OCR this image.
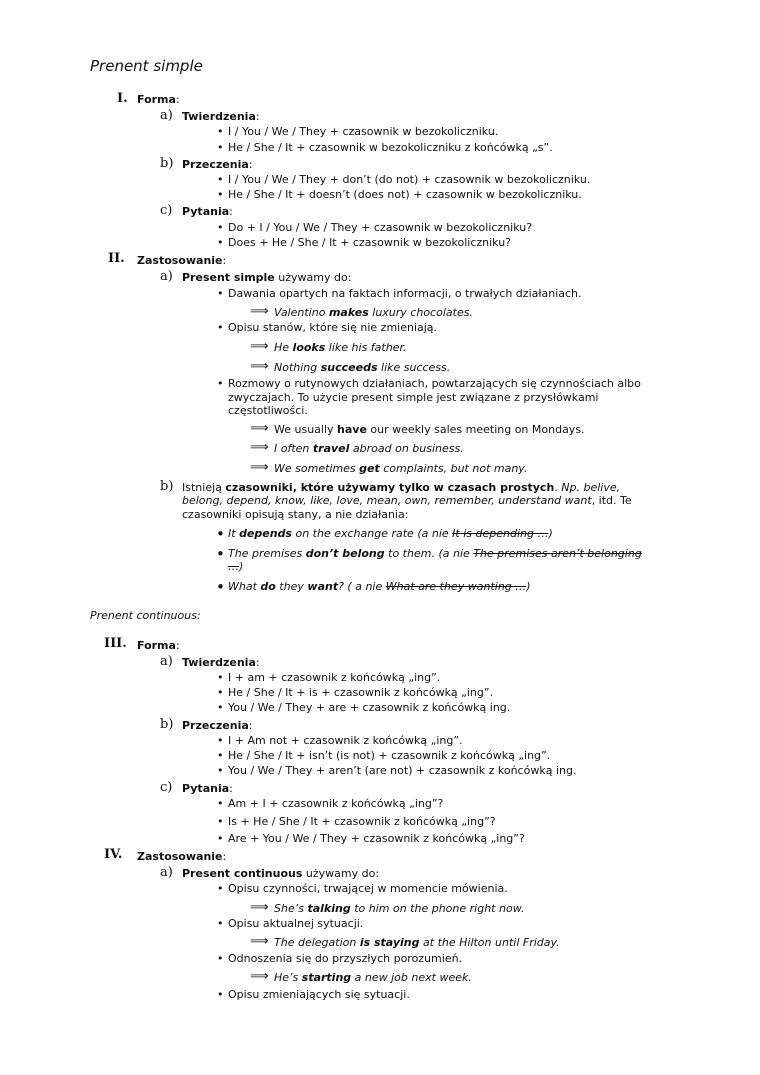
Prenent simple
I. Forma:
a) Twierdzenia:
• I / You / We / They + czasownik w bezokoliczniku.
• He / She / It + czasownik w bezokoliczniku z końcówką „s”.
b) Przeczenia:
• I / You / We / They + don’t (do not) + czasownik w bezokoliczniku.
• He / She / It + doesn’t (does not) + czasownik w bezokoliczniku.
c) Pytania:
• Do + I / You / We / They + czasownik w bezokoliczniku?
• Does + He / She / It + czasownik w bezokoliczniku?
II. Zastosowanie:
a) Present simple używamy do:
• Dawania opartych na faktach informacji, o trwałych działaniach.
⟹ Valentino makes luxury chocolates.
• Opisu stanów, które się nie zmieniają.
⟹ He looks like his father.
⟹ Nothing succeeds like success.
• Rozmowy o rutynowych działaniach, powtarzających się czynnościach albo
zwyczajach. To użycie present simple jest związane z przysłówkami
częstotliwości.
⟹ We usually have our weekly sales meeting on Mondays.
⟹ I often travel abroad on business.
⟹ We sometimes get complaints, but not many.
b) Istnieją czasowniki, które używamy tylko w czasach prostych. Np. belive,
belong, depend, know, like, love, mean, own, remember, understand want, itd. Te
czasowniki opisują stany, a nie działania:
• It depends on the exchange rate (a nie It is depending …)
• The premises don’t belong to them. (a nie The premises aren’t belonging
…)
• What do they want? ( a nie What are they wanting …)
Prenent continuous:
III. Forma:
a) Twierdzenia:
• I + am + czasownik z końcówką „ing”.
• He / She / It + is + czasownik z końcówką „ing”.
• You / We / They + are + czasownik z końcówką ing.
b) Przeczenia:
• I + Am not + czasownik z końcówką „ing”.
• He / She / It + isn’t (is not) + czasownik z końcówką „ing”.
• You / We / They + aren’t (are not) + czasownik z końcówką ing.
c) Pytania:
• Am + I + czasownik z końcówką „ing”?
• Is + He / She / It + czasownik z końcówką „ing”?
• Are + You / We / They + czasownik z końcówką „ing”?
IV. Zastosowanie:
a) Present continuous używamy do:
• Opisu czynności, trwającej w momencie mówienia.
⟹ She’s talking to him on the phone right now.
• Opisu aktualnej sytuacji.
⟹ The delegation is staying at the Hilton until Friday.
• Odnoszenia się do przyszłych porozumień.
⟹ He’s starting a new job next week.
• Opisu zmieniających się sytuacji.
